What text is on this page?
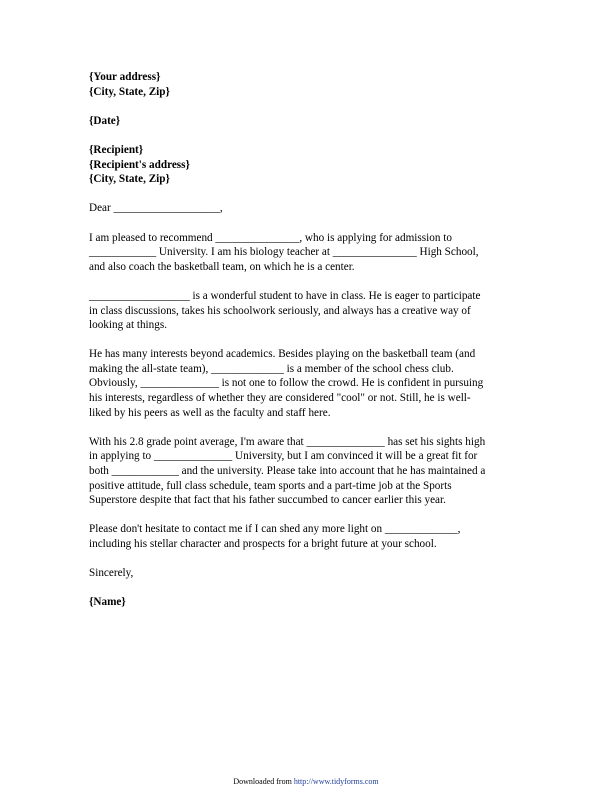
{Your address}
{City, State, Zip}
{Date}
{Recipient}
{Recipient's address}
{City, State, Zip}
Dear ___________________,
I am pleased to recommend _______________, who is applying for admission to
____________ University. I am his biology teacher at _______________ High School,
and also coach the basketball team, on which he is a center.
__________________ is a wonderful student to have in class. He is eager to participate
in class discussions, takes his schoolwork seriously, and always has a creative way of
looking at things.
He has many interests beyond academics. Besides playing on the basketball team (and
making the all-state team), _____________ is a member of the school chess club.
Obviously, ______________ is not one to follow the crowd. He is confident in pursuing
his interests, regardless of whether they are considered "cool" or not. Still, he is well-
liked by his peers as well as the faculty and staff here.
With his 2.8 grade point average, I'm aware that ______________ has set his sights high
in applying to ______________ University, but I am convinced it will be a great fit for
both ____________ and the university. Please take into account that he has maintained a
positive attitude, full class schedule, team sports and a part-time job at the Sports
Superstore despite that fact that his father succumbed to cancer earlier this year.
Please don't hesitate to contact me if I can shed any more light on _____________,
including his stellar character and prospects for a bright future at your school.
Sincerely,
{Name}
Downloaded from http://www.tidyforms.com
